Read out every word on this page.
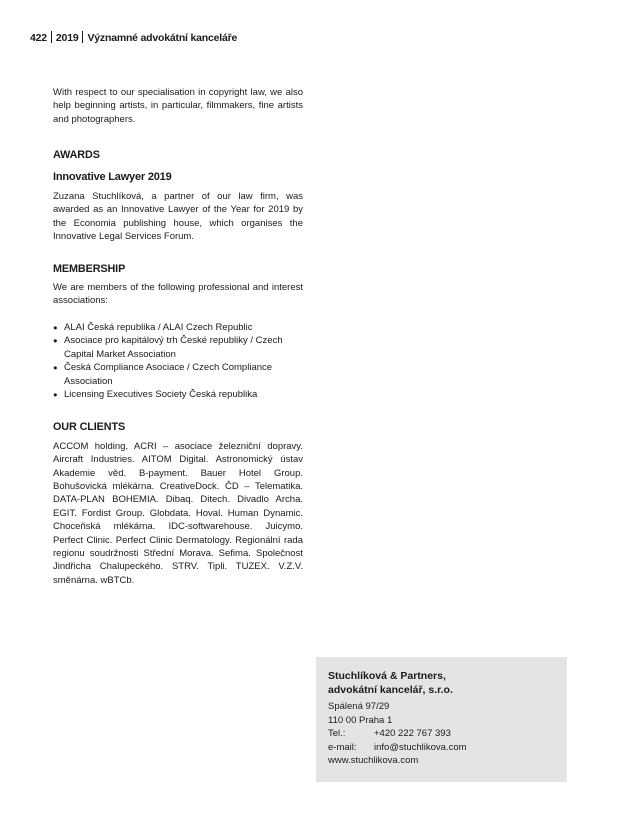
422 2019 Významné advokátní kanceláře

With respect to our specialisation in copyright law, we also help beginning artists, in particular, filmmakers, fine artists and photographers.

AWARDS
Innovative Lawyer 2019

Zuzana Stuchlíková, a partner of our law firm, was awarded as an Innovative Lawyer of the Year for 2019 by the Economia publishing house, which organises the Innovative Legal Services Forum.

MEMBERSHIP

We are members of the following professional and interest associations:

● ALAI Česká republika / ALAI Czech Republic
● Asociace pro kapitálový trh České republiky / Czech Capital Market Association
● Česká Compliance Asociace / Czech Compliance Association
● Licensing Executives Society Česká republika
OUR CLIENTS

ACCOM holding. ACRI – asociace železniční dopravy. Aircraft Industries. AITOM Digital. Astronomický ústav Akademie věd. B-payment. Bauer Hotel Group. Bohušovická mlékárna. CreativeDock. ČD – Telematika. DATA-PLAN BOHEMIA. Dibaq. Ditech. Divadlo Archa. EGIT. Fordist Group. Globdata. Hoval. Human Dynamic. Choceňská mlékárna. IDC-softwarehouse. Juicymo. Perfect Clinic. Perfect Clinic Dermatology. Regionální rada regionu soudržnosti Střední Morava. Sefima. Společnost Jindřicha Chalupeckého. STRV. Tipli. TUZEX. V.Z.V. směnárna. wBTCb.

Stuchlíková & Partners,
advokátní kancelář, s.r.o.
Spálená 97/29
110 00 Praha 1
Tel.:	+420 222 767 393
e-mail:	info@stuchlikova.com
www.stuchlikova.com
